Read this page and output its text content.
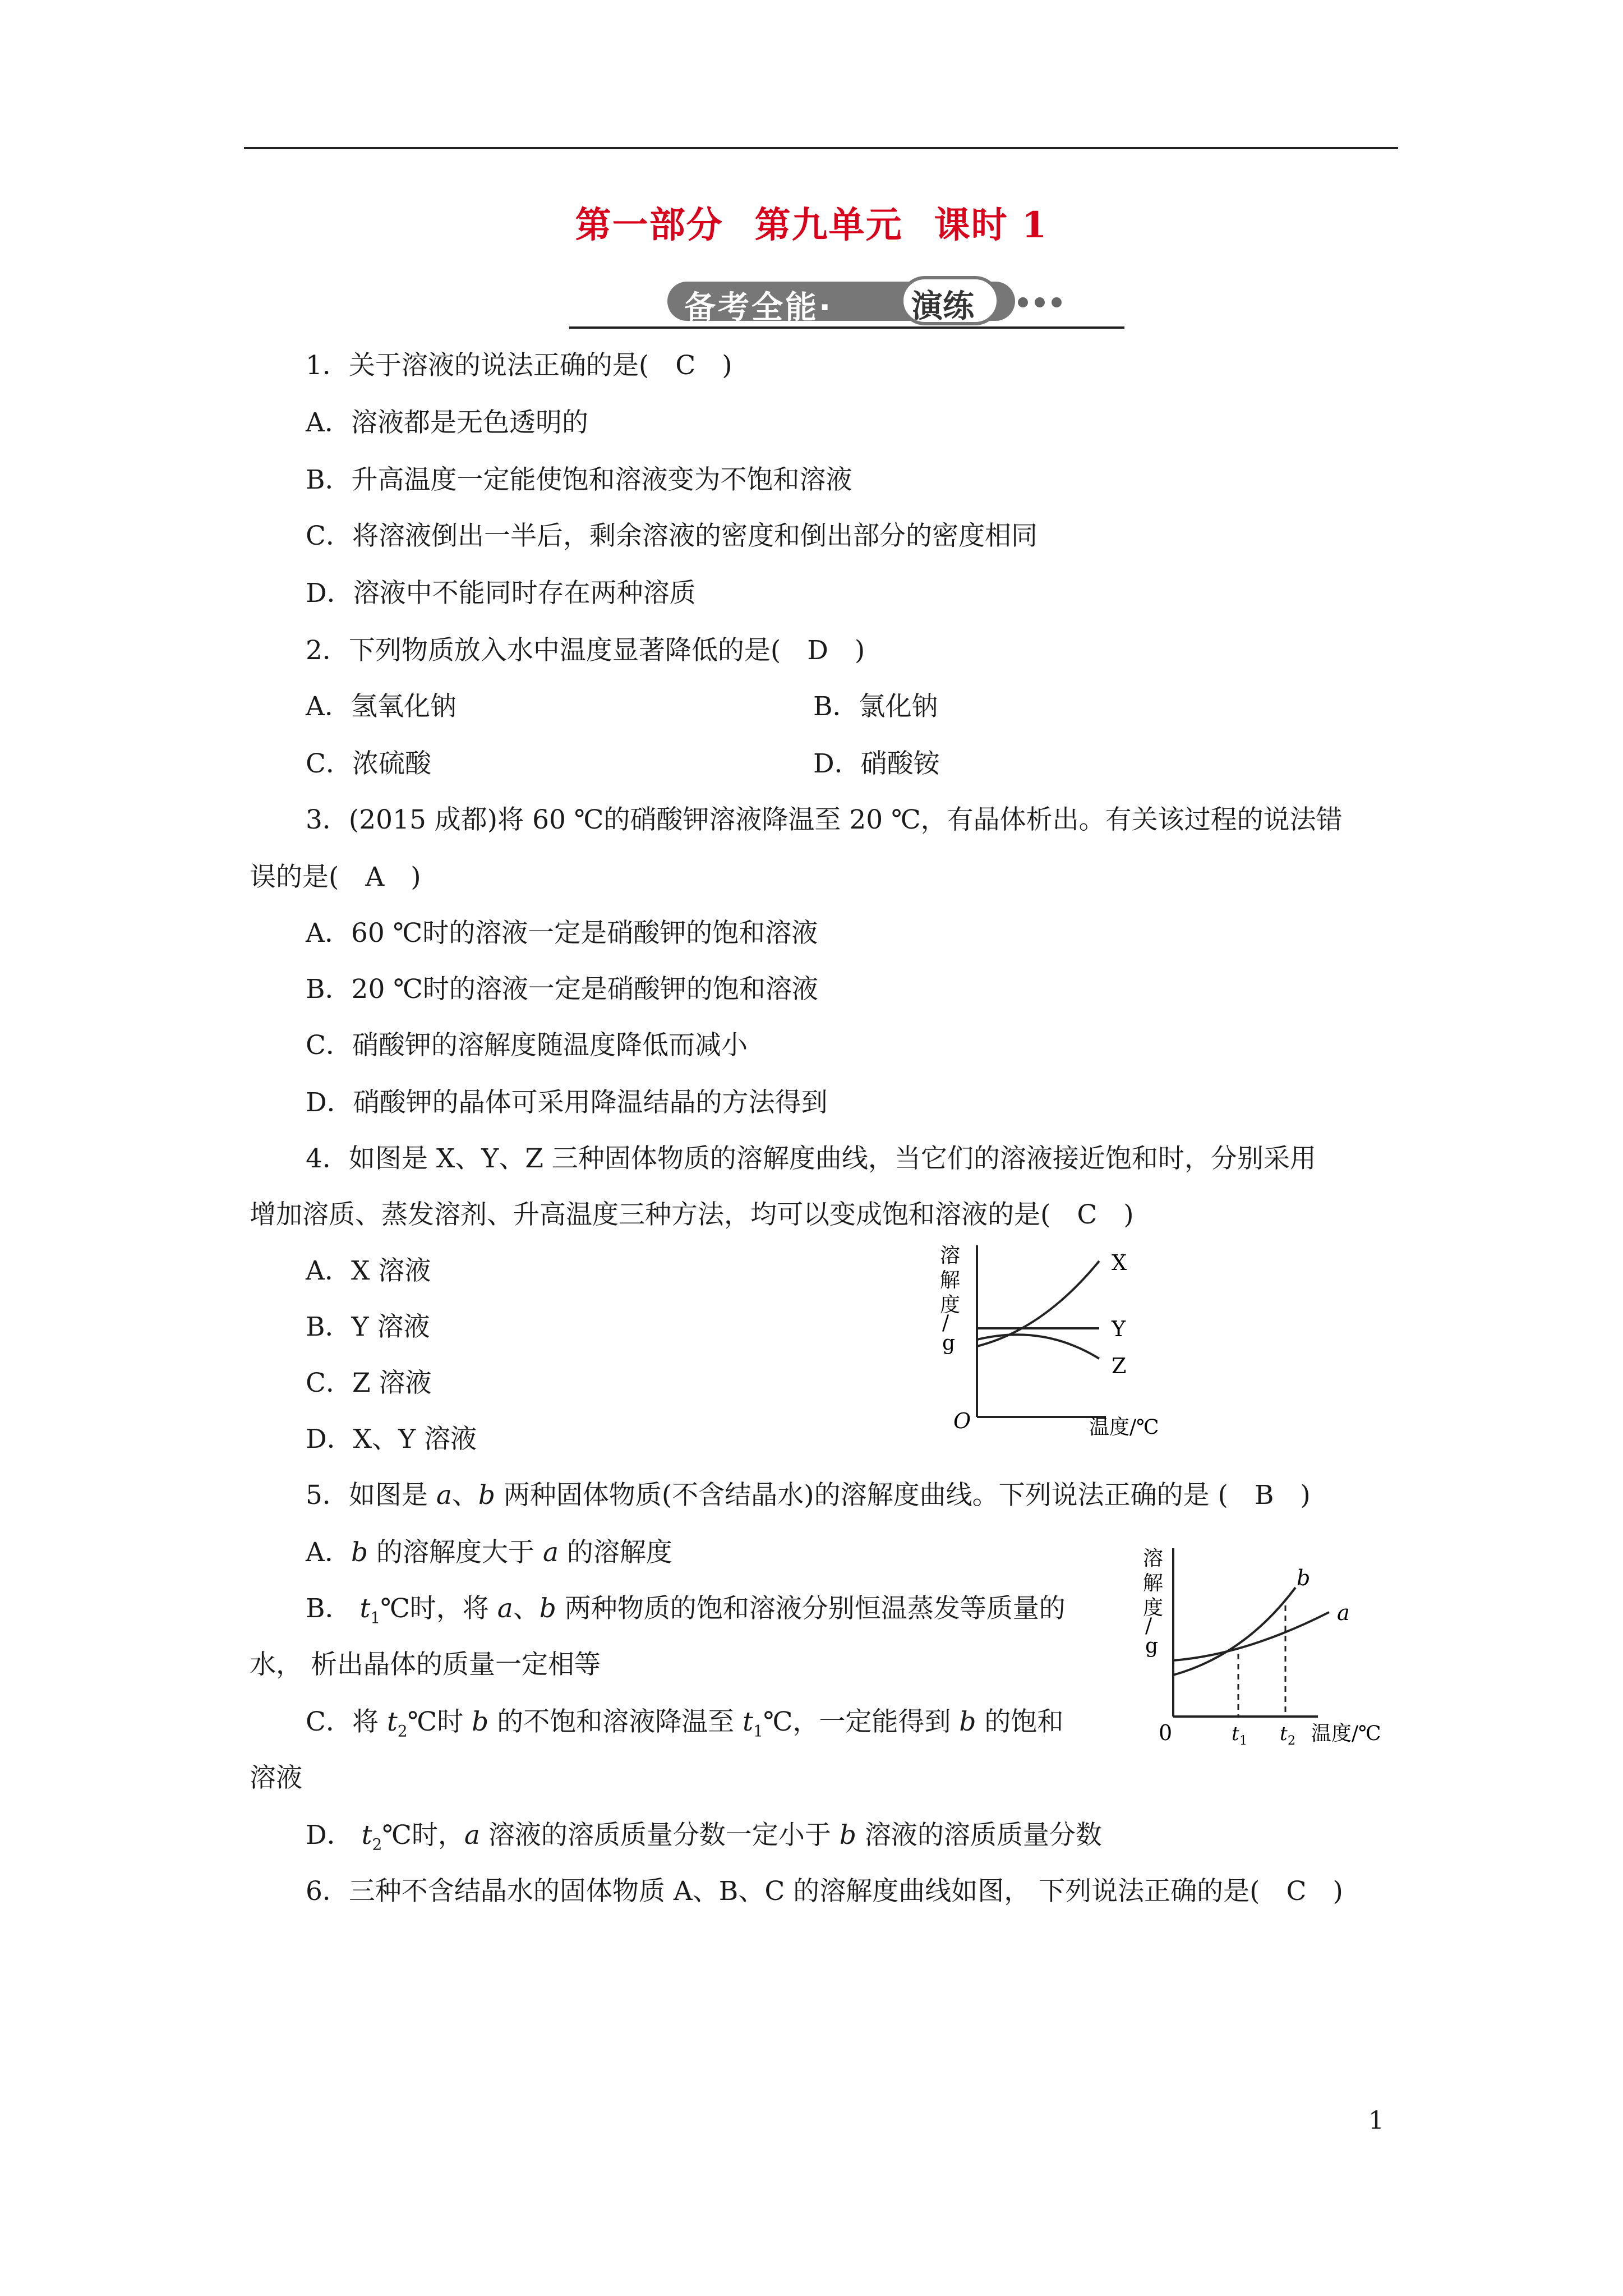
第一部分 第九单元 课时 1
备考全能· 演练
1．关于溶液的说法正确的是(　C　)
A．溶液都是无色透明的
B．升高温度一定能使饱和溶液变为不饱和溶液
C．将溶液倒出一半后，剩余溶液的密度和倒出部分的密度相同
D．溶液中不能同时存在两种溶质
2．下列物质放入水中温度显著降低的是(　D　)
A．氢氧化钠	B．氯化钠
C．浓硫酸	D．硝酸铵
3．(2015 成都)将 60 ℃的硝酸钾溶液降温至 20 ℃，有晶体析出。有关该过程的说法错
误的是(　A　)
A．60 ℃时的溶液一定是硝酸钾的饱和溶液
B．20 ℃时的溶液一定是硝酸钾的饱和溶液
C．硝酸钾的溶解度随温度降低而减小
D．硝酸钾的晶体可采用降温结晶的方法得到
4．如图是 X、Y、Z 三种固体物质的溶解度曲线，当它们的溶液接近饱和时，分别采用
增加溶质、蒸发溶剂、升高温度三种方法，均可以变成饱和溶液的是(　C　)
A．X 溶液
B．Y 溶液
C．Z 溶液
D．X、Y 溶液
溶
解
度
/
g
O	温度/℃
X
Y
Z
5．如图是 a、b 两种固体物质(不含结晶水)的溶解度曲线。下列说法正确的是 (　B　)
A．b 的溶解度大于 a 的溶解度
B． $t_1℃$时，将 a、b 两种物质的饱和溶液分别恒温蒸发等质量的
水， 析出晶体的质量一定相等
C．将 $t_2℃$时 b 的不饱和溶液降温至 $t_1℃$，一定能得到 b 的饱和
溶液
D． $t_2℃$时，a 溶液的溶质质量分数一定小于 b 溶液的溶质质量分数
溶
解
度
/
g
0
b
a
t 1 t 2 温度/℃
6．三种不含结晶水的固体物质 A、B、C 的溶解度曲线如图， 下列说法正确的是(　C　)
1
